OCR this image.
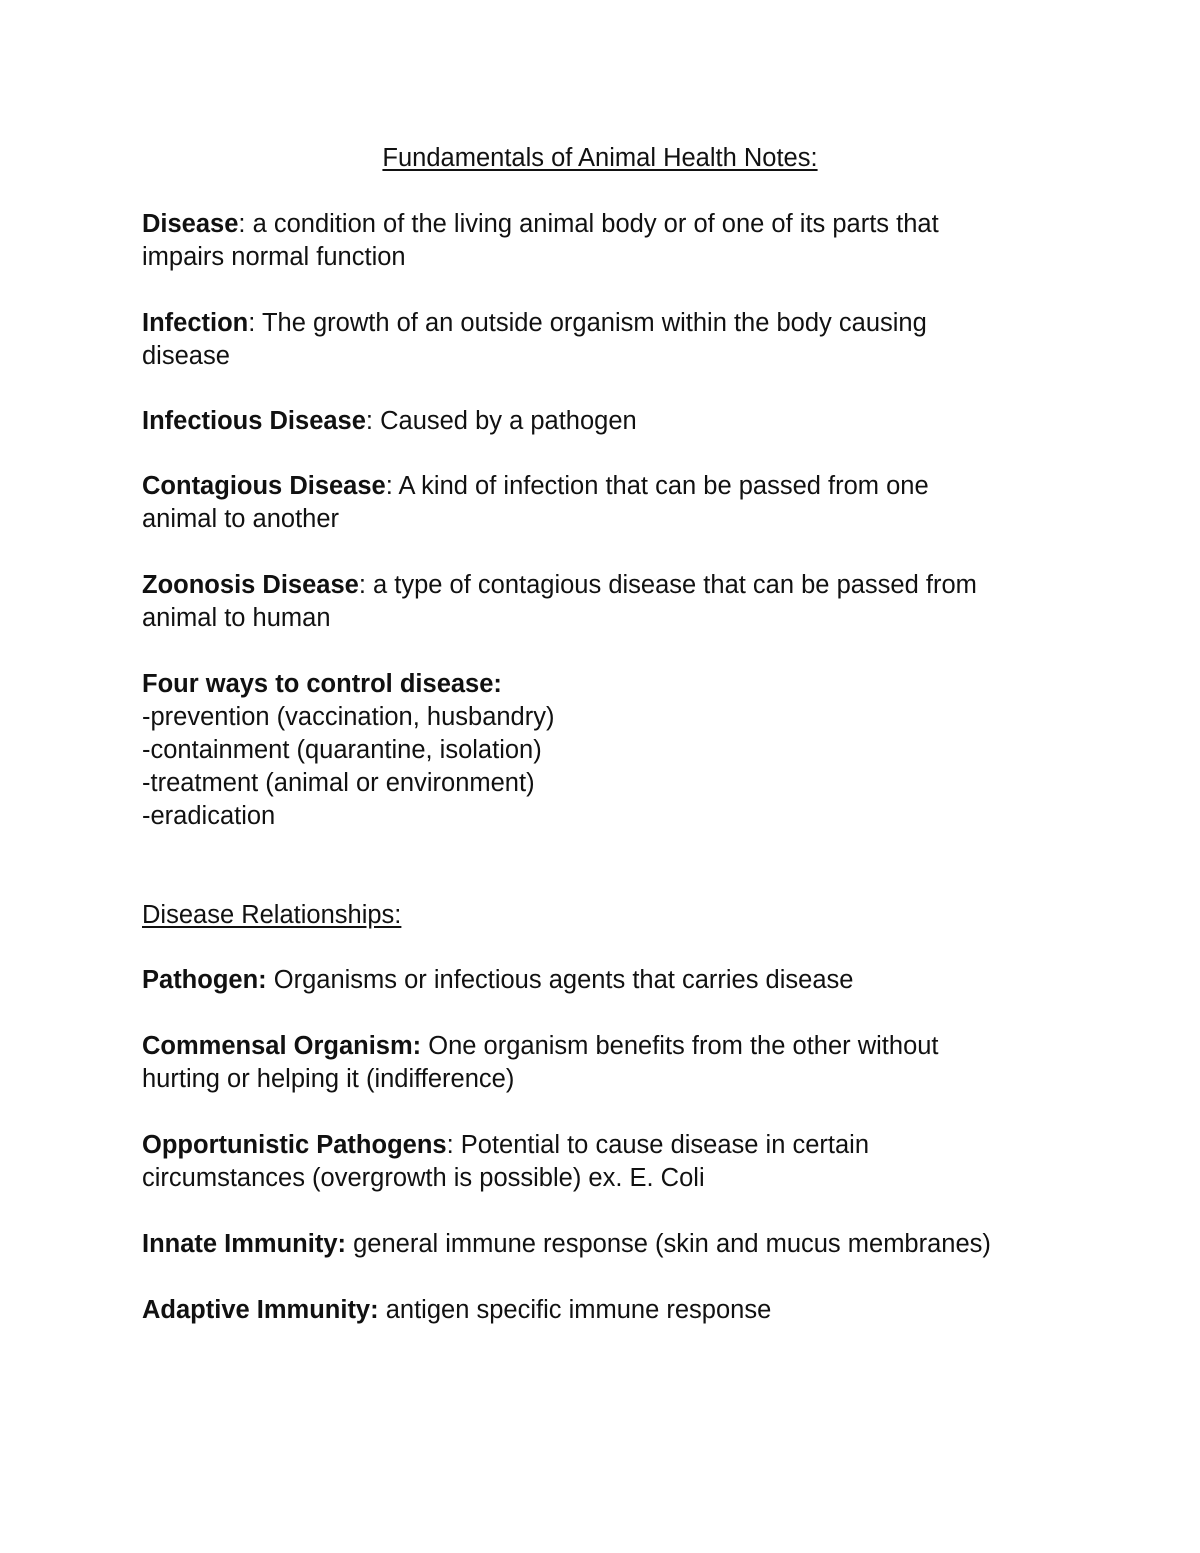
Fundamentals of Animal Health Notes:
Disease: a condition of the living animal body or of one of its parts that
impairs normal function
Infection: The growth of an outside organism within the body causing
disease
Infectious Disease: Caused by a pathogen
Contagious Disease: A kind of infection that can be passed from one
animal to another
Zoonosis Disease: a type of contagious disease that can be passed from
animal to human
Four ways to control disease:
-prevention (vaccination, husbandry)
-containment (quarantine, isolation)
-treatment (animal or environment)
-eradication
Disease Relationships:
Pathogen: Organisms or infectious agents that carries disease
Commensal Organism: One organism benefits from the other without
hurting or helping it (indifference)
Opportunistic Pathogens: Potential to cause disease in certain
circumstances (overgrowth is possible) ex. E. Coli
Innate Immunity: general immune response (skin and mucus membranes)
Adaptive Immunity: antigen specific immune response
